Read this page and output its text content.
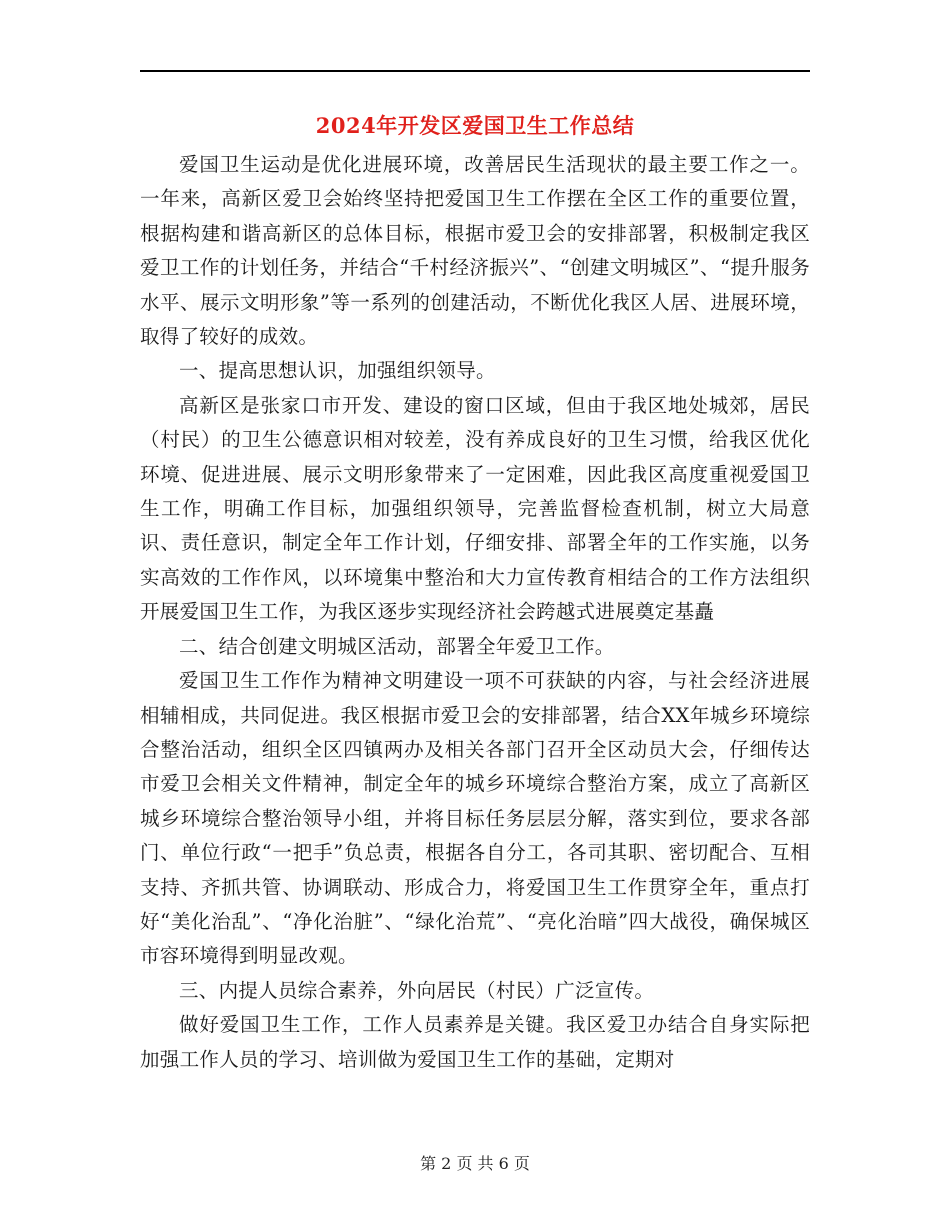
2024年开发区爱国卫生工作总结

爱国卫生运动是优化进展环境，改善居民生活现状的最主要工作之一。一年来，高新区爱卫会始终坚持把爱国卫生工作摆在全区工作的重要位置，根据构建和谐高新区的总体目标，根据市爱卫会的安排部署，积极制定我区爱卫工作的计划任务，并结合“千村经济振兴”、“创建文明城区”、“提升服务水平、展示文明形象”等一系列的创建活动，不断优化我区人居、进展环境，取得了较好的成效。

一、提高思想认识，加强组织领导。

高新区是张家口市开发、建设的窗口区域，但由于我区地处城郊，居民（村民）的卫生公德意识相对较差，没有养成良好的卫生习惯，给我区优化环境、促进进展、展示文明形象带来了一定困难，因此我区高度重视爱国卫生工作，明确工作目标，加强组织领导，完善监督检查机制，树立大局意识、责任意识，制定全年工作计划，仔细安排、部署全年的工作实施，以务实高效的工作作风，以环境集中整治和大力宣传教育相结合的工作方法组织开展爱国卫生工作，为我区逐步实现经济社会跨越式进展奠定基矗

二、结合创建文明城区活动，部署全年爱卫工作。

爱国卫生工作作为精神文明建设一项不可获缺的内容，与社会经济进展相辅相成，共同促进。我区根据市爱卫会的安排部署，结合XX年城乡环境综合整治活动，组织全区四镇两办及相关各部门召开全区动员大会，仔细传达市爱卫会相关文件精神，制定全年的城乡环境综合整治方案，成立了高新区城乡环境综合整治领导小组，并将目标任务层层分解，落实到位，要求各部门、单位行政“一把手”负总责，根据各自分工，各司其职、密切配合、互相支持、齐抓共管、协调联动、形成合力，将爱国卫生工作贯穿全年，重点打好“美化治乱”、“净化治脏”、“绿化治荒”、“亮化治暗”四大战役，确保城区市容环境得到明显改观。

三、内提人员综合素养，外向居民（村民）广泛宣传。

做好爱国卫生工作，工作人员素养是关键。我区爱卫办结合自身实际把加强工作人员的学习、培训做为爱国卫生工作的基础，定期对

第 2 页 共 6 页
